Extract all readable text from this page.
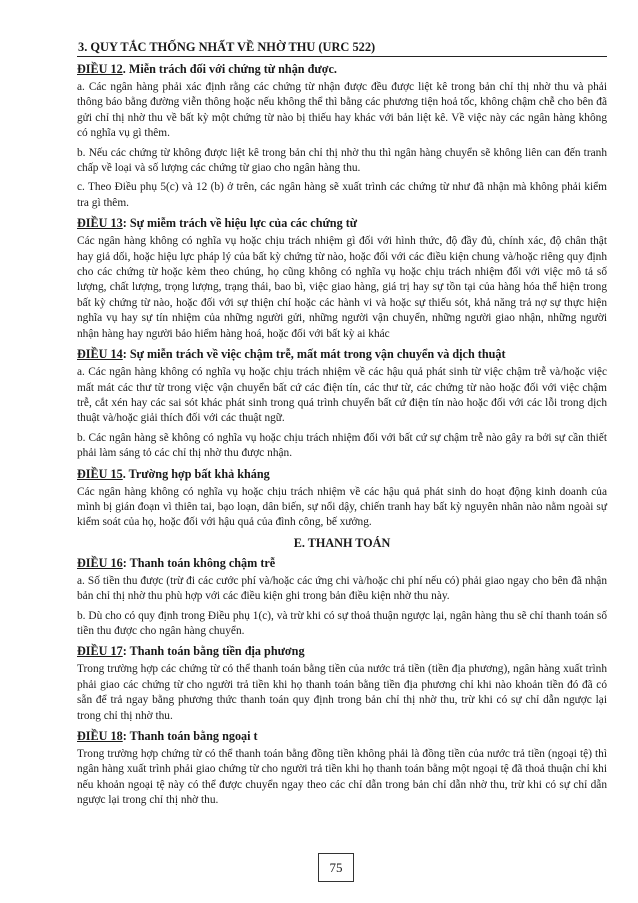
3. QUY TẮC THỐNG NHẤT VỀ NHỜ THU (URC 522)
ĐIỀU 12. Miễn trách đối với chứng từ nhận được.

a. Các ngân hàng phải xác định rằng các chứng từ nhận được đều được liệt kê trong bản chỉ thị nhờ thu và phải thông báo bằng đường viễn thông hoặc nếu không thể thì bằng các phương tiện hoả tốc, không chậm chễ cho bên đã gửi chỉ thị nhờ thu về bất kỳ một chứng từ nào bị thiếu hay khác với bản liệt kê. Về việc này các ngân hàng không có nghĩa vụ gì thêm.

b. Nếu các chứng từ không được liệt kê trong bản chỉ thị nhờ thu thì ngân hàng chuyển sẽ không liên can đến tranh chấp về loại và số lượng các chứng từ giao cho ngân hàng thu.

c. Theo Điều phụ 5(c) và 12 (b) ở trên, các ngân hàng sẽ xuất trình các chứng từ như đã nhận mà không phải kiểm tra gì thêm.

ĐIỀU 13: Sự miễm trách về hiệu lực của các chứng từ

Các ngân hàng không có nghĩa vụ hoặc chịu trách nhiệm gì đối với hình thức, độ đầy đủ, chính xác, độ chân thật hay giả dối, hoặc hiệu lực pháp lý của bất kỳ chứng từ nào, hoặc đối với các điều kiện chung và/hoặc riêng quy định cho các chứng từ hoặc kèm theo chúng, họ cũng không có nghĩa vụ hoặc chịu trách nhiệm đối với việc mô tả số lượng, chất lượng, trọng lượng, trạng thái, bao bì, việc giao hàng, giá trị hay sự tồn tại của hàng hóa thể hiện trong bất kỳ chứng từ nào, hoặc đối với sự thiện chí hoặc các hành vi và hoặc sự thiếu sót, khả năng trả nợ sự thực hiện nghĩa vụ hay sự tín nhiệm của những người gửi, những người vận chuyển, những người giao nhận, những người nhận hàng hay người bảo hiểm hàng hoá, hoặc đối với bất kỳ ai khác

ĐIỀU 14: Sự miễn trách về việc chậm trễ, mất mát trong vận chuyển và dịch thuật

a. Các ngân hàng không có nghĩa vụ hoặc chịu trách nhiệm về các hậu quả phát sinh từ việc chậm trễ và/hoặc việc mất mát các thư từ trong việc vận chuyển bất cứ các điện tín, các thư từ, các chứng từ nào hoặc đối với việc chậm trễ, cắt xén hay các sai sót khác phát sinh trong quá trình chuyển bất cứ điện tín nào hoặc đối với các lỗi trong dịch thuật và/hoặc giải thích đối với các thuật ngữ.

b. Các ngân hàng sẽ không có nghĩa vụ hoặc chịu trách nhiệm đối với bất cứ sự chậm trễ nào gây ra bởi sự cần thiết phải làm sáng tỏ các chỉ thị nhờ thu được nhận.

ĐIỀU 15. Trường hợp bất khả kháng

Các ngân hàng không có nghĩa vụ hoặc chịu trách nhiệm về các hậu quả phát sinh do hoạt động kinh doanh của mình bị gián đoạn vì thiên tai, bạo loạn, dân biến, sự nổi dậy, chiến tranh hay bất kỳ nguyên nhân nào nằm ngoài sự kiểm soát của họ, hoặc đối với hậu quả của đình công, bế xưởng.

E. THANH TOÁN
ĐIỀU 16: Thanh toán không chậm trễ

a. Số tiền thu được (trừ đi các cước phí và/hoặc các ứng chi và/hoặc chi phí nếu có) phải giao ngay cho bên đã nhận bản chỉ thị nhờ thu phù hợp với các điều kiện ghi trong bản điều kiện nhờ thu này.

b. Dù cho có quy định trong Điều phụ 1(c), và trừ khi có sự thoả thuận ngược lại, ngân hàng thu sẽ chỉ thanh toán số tiền thu được cho ngân hàng chuyển.

ĐIỀU 17: Thanh toán bằng tiền địa phương

Trong trường hợp các chứng từ có thể thanh toán bằng tiền của nước trả tiền (tiền địa phương), ngân hàng xuất trình phải giao các chứng từ cho người trả tiền khi họ thanh toán bằng tiền địa phương chỉ khi nào khoản tiền đó đã có sẵn để trả ngay bằng phương thức thanh toán quy định trong bản chỉ thị nhờ thu, trừ khi có sự chỉ dẫn ngược lại trong chỉ thị nhờ thu.

ĐIỀU 18: Thanh toán bằng ngoại t

Trong trường hợp chứng từ có thể thanh toán bằng đồng tiền không phải là đồng tiền của nước trả tiền (ngoại tệ) thì ngân hàng xuất trình phải giao chứng từ cho người trả tiền khi họ thanh toán bằng một ngoại tệ đã thoả thuận chỉ khi nếu khoản ngoại tệ này có thể được chuyển ngay theo các chỉ dẫn trong bản chỉ dẫn nhờ thu, trừ khi có sự chỉ dẫn ngược lại trong chỉ thị nhờ thu.

75
